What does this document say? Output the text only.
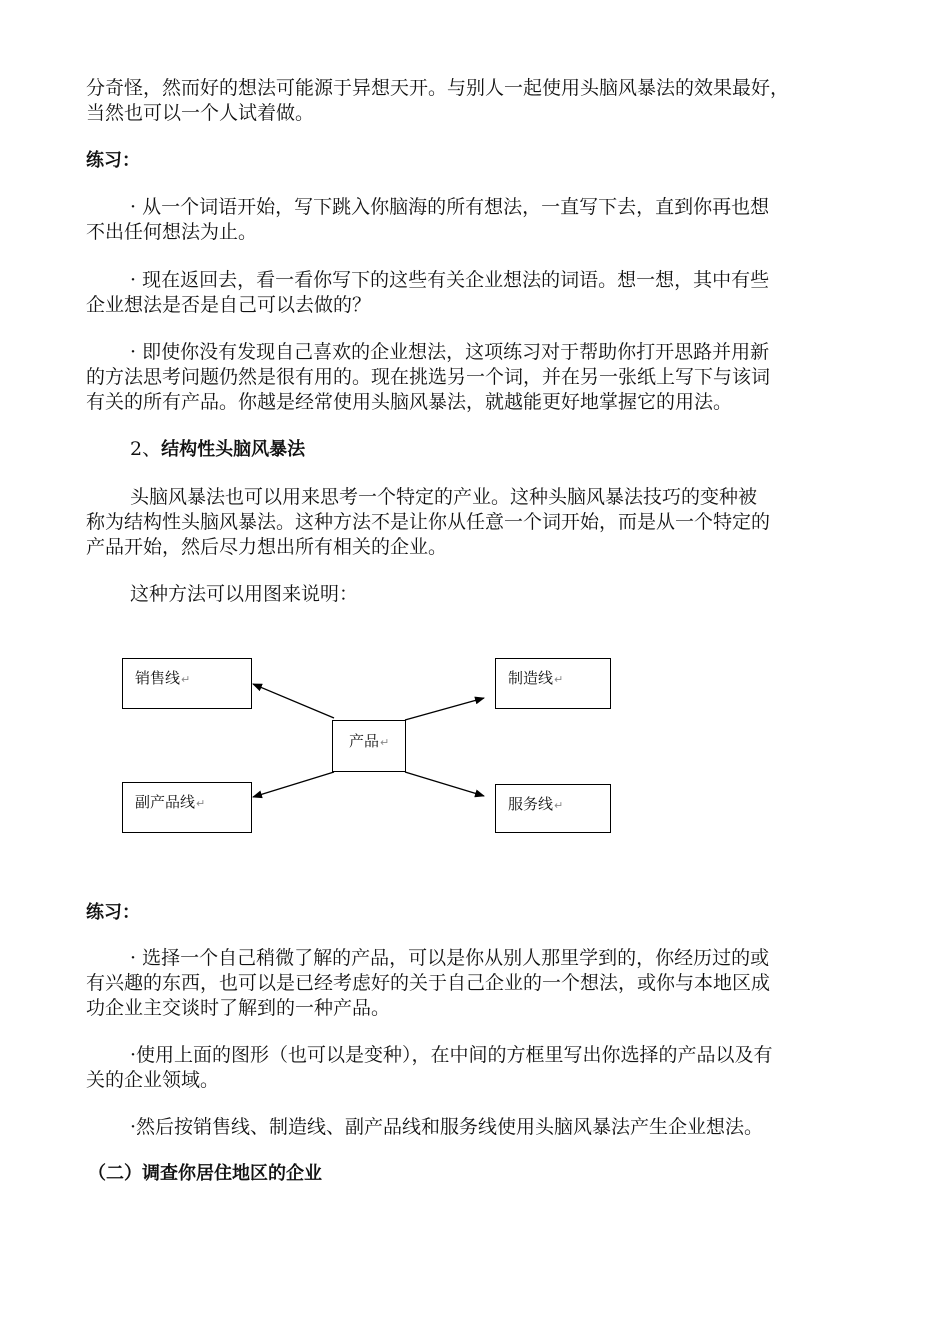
分奇怪，然而好的想法可能源于异想天开。与别人一起使用头脑风暴法的效果最好，
当然也可以一个人试着做。
练习：
· 从一个词语开始，写下跳入你脑海的所有想法，一直写下去，直到你再也想
不出任何想法为止。
· 现在返回去，看一看你写下的这些有关企业想法的词语。想一想，其中有些
企业想法是否是自己可以去做的？
· 即使你没有发现自己喜欢的企业想法，这项练习对于帮助你打开思路并用新
的方法思考问题仍然是很有用的。现在挑选另一个词，并在另一张纸上写下与该词
有关的所有产品。你越是经常使用头脑风暴法，就越能更好地掌握它的用法。
2、结构性头脑风暴法
头脑风暴法也可以用来思考一个特定的产业。这种头脑风暴法技巧的变种被
称为结构性头脑风暴法。这种方法不是让你从任意一个词开始，而是从一个特定的
产品开始，然后尽力想出所有相关的企业。
这种方法可以用图来说明：
销售线↵	制造线↵
产品↵
副产品线↵	服务线↵
练习：
· 选择一个自己稍微了解的产品，可以是你从别人那里学到的，你经历过的或
有兴趣的东西，也可以是已经考虑好的关于自己企业的一个想法，或你与本地区成
功企业主交谈时了解到的一种产品。
·使用上面的图形（也可以是变种），在中间的方框里写出你选择的产品以及有
关的企业领域。
·然后按销售线、制造线、副产品线和服务线使用头脑风暴法产生企业想法。
（二）调查你居住地区的企业
